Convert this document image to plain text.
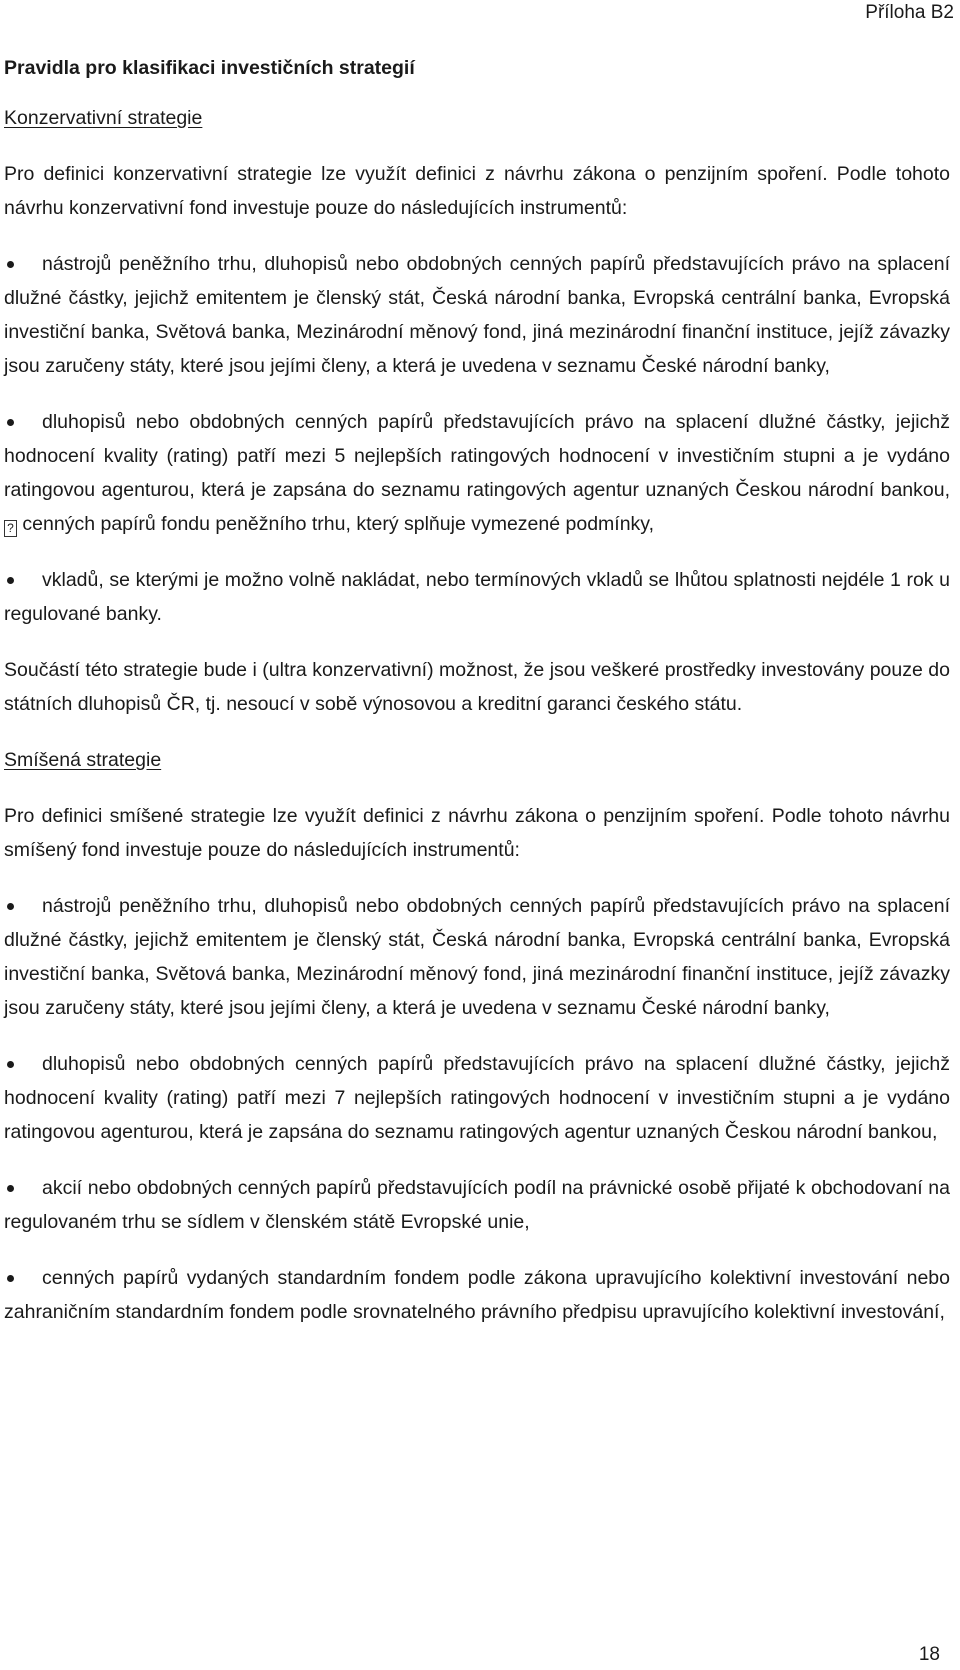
Příloha B2

Pravidla pro klasifikaci investičních strategií

Konzervativní strategie

Pro definici konzervativní strategie lze využít definici z návrhu zákona o penzijním spoření. Podle tohoto návrhu konzervativní fond investuje pouze do následujících instrumentů:

nástrojů peněžního trhu, dluhopisů nebo obdobných cenných papírů představujících právo na splacení dlužné částky, jejichž emitentem je členský stát, Česká národní banka, Evropská centrální banka, Evropská investiční banka, Světová banka, Mezinárodní měnový fond, jiná mezinárodní finanční instituce, jejíž závazky jsou zaručeny státy, které jsou jejími členy, a která je uvedena v seznamu České národní banky,
dluhopisů nebo obdobných cenných papírů představujících právo na splacení dlužné částky, jejichž hodnocení kvality (rating) patří mezi 5 nejlepších ratingových hodnocení v investičním stupni a je vydáno ratingovou agenturou, která je zapsána do seznamu ratingových agentur uznaných Českou národní bankou, ? cenných papírů fondu peněžního trhu, který splňuje vymezené podmínky,
vkladů, se kterými je možno volně nakládat, nebo termínových vkladů se lhůtou splatnosti nejdéle 1 rok u regulované banky.

Součástí této strategie bude i (ultra konzervativní) možnost, že jsou veškeré prostředky investovány pouze do státních dluhopisů ČR, tj. nesoucí v sobě výnosovou a kreditní garanci českého státu.

Smíšená strategie

Pro definici smíšené strategie lze využít definici z návrhu zákona o penzijním spoření. Podle tohoto návrhu smíšený fond investuje pouze do následujících instrumentů:

nástrojů peněžního trhu, dluhopisů nebo obdobných cenných papírů představujících právo na splacení dlužné částky, jejichž emitentem je členský stát, Česká národní banka, Evropská centrální banka, Evropská investiční banka, Světová banka, Mezinárodní měnový fond, jiná mezinárodní finanční instituce, jejíž závazky jsou zaručeny státy, které jsou jejími členy, a která je uvedena v seznamu České národní banky,
dluhopisů nebo obdobných cenných papírů představujících právo na splacení dlužné částky, jejichž hodnocení kvality (rating) patří mezi 7 nejlepších ratingových hodnocení v investičním stupni a je vydáno ratingovou agenturou, která je zapsána do seznamu ratingových agentur uznaných Českou národní bankou,
akcií nebo obdobných cenných papírů představujících podíl na právnické osobě přijaté k obchodovaní na regulovaném trhu se sídlem v členském státě Evropské unie,
cenných papírů vydaných standardním fondem podle zákona upravujícího kolektivní investování nebo zahraničním standardním fondem podle srovnatelného právního předpisu upravujícího kolektivní investování,
18
